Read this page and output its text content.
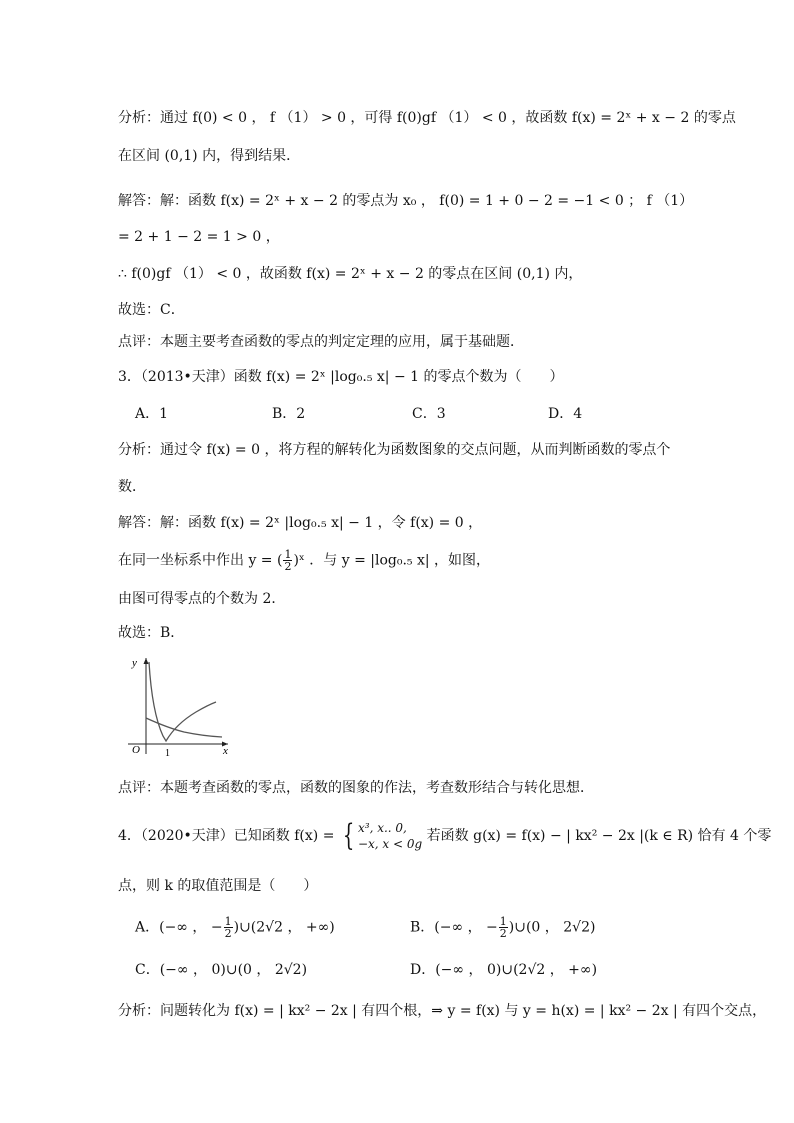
分析：通过 f(0) < 0 ， f （1） > 0 ，可得 f(0)gf （1） < 0 ，故函数 f(x) = 2ˣ + x − 2 的零点
在区间 (0,1) 内，得到结果．
解答：解：函数 f(x) = 2ˣ + x − 2 的零点为 x₀ ， f(0) = 1 + 0 − 2 = −1 < 0 ； f （1）
= 2 + 1 − 2 = 1 > 0 ，
∴ f(0)gf （1） < 0 ，故函数 f(x) = 2ˣ + x − 2 的零点在区间 (0,1) 内，
故选：C．
点评：本题主要考查函数的零点的判定定理的应用，属于基础题．
3．（2013•天津）函数 f(x) = 2ˣ |log₀.₅ x| − 1 的零点个数为（　　）
A．1	B．2	C．3	D．4
分析：通过令 f(x) = 0 ，将方程的解转化为函数图象的交点问题，从而判断函数的零点个
数．
解答：解：函数 f(x) = 2ˣ |log₀.₅ x| − 1 ，令 f(x) = 0 ，
在同一坐标系中作出 y = ( $\frac{1}{2}$ )ˣ ．与 y = |log₀.₅ x| ，如图，
由图可得零点的个数为 2．
故选：B．
y
x
O	1
点评：本题考查函数的零点，函数的图象的作法，考查数形结合与转化思想．
4．（2020•天津）已知函数 f(x) = { x³, x.. 0,
−x, x < 0g 若函数 g(x) = f(x) − | kx² − 2x |(k ∈ R) 恰有 4 个零
点，则 k 的取值范围是（　　）
A．(−∞ ， − $\frac{1}{2}$ )∪(2√2 ， +∞)	B．(−∞ ， − $\frac{1}{2}$ )∪(0 ， 2√2)
C．(−∞ ， 0)∪(0 ， 2√2)	D．(−∞ ， 0)∪(2√2 ， +∞)
分析：问题转化为 f(x) = | kx² − 2x | 有四个根，⇒ y = f(x) 与 y = h(x) = | kx² − 2x | 有四个交点，
